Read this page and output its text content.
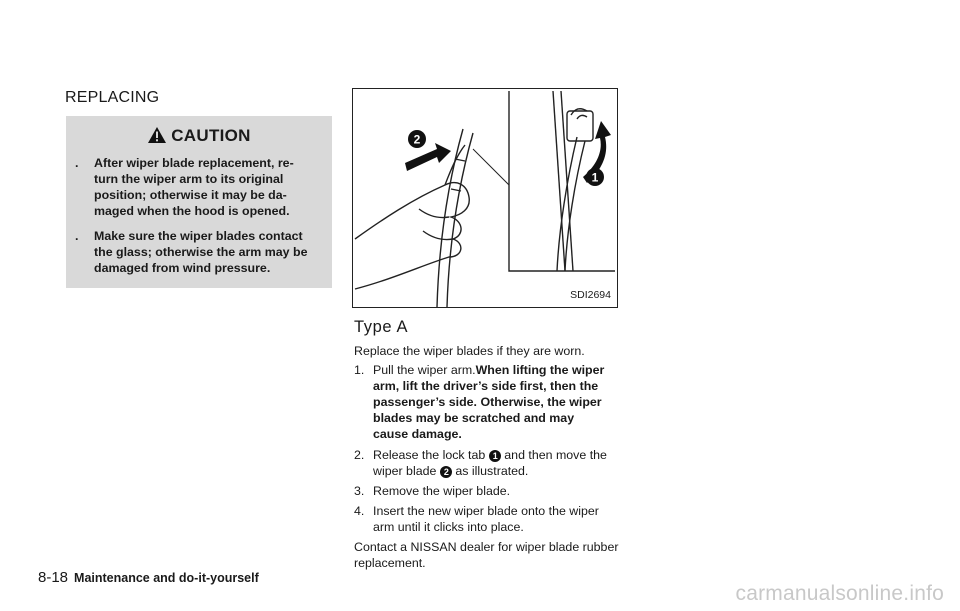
REPLACING
CAUTION
. After wiper blade replacement, re-
turn the wiper arm to its original
position; otherwise it may be da-
maged when the hood is opened.
. Make sure the wiper blades contact
the glass; otherwise the arm may be
damaged from wind pressure.
2
1
SDI2694
Type A
Replace the wiper blades if they are worn.
1. Pull the wiper arm.When lifting the wiper
arm, lift the driver’s side first, then the
passenger’s side. Otherwise, the wiper
blades may be scratched and may
cause damage.
2. Release the lock tab 1 and then move the
wiper blade 2 as illustrated.
3. Remove the wiper blade.
4. Insert the new wiper blade onto the wiper
arm until it clicks into place.
Contact a NISSAN dealer for wiper blade rubber
replacement.
8-18 Maintenance and do-it-yourself
carmanualsonline.info
